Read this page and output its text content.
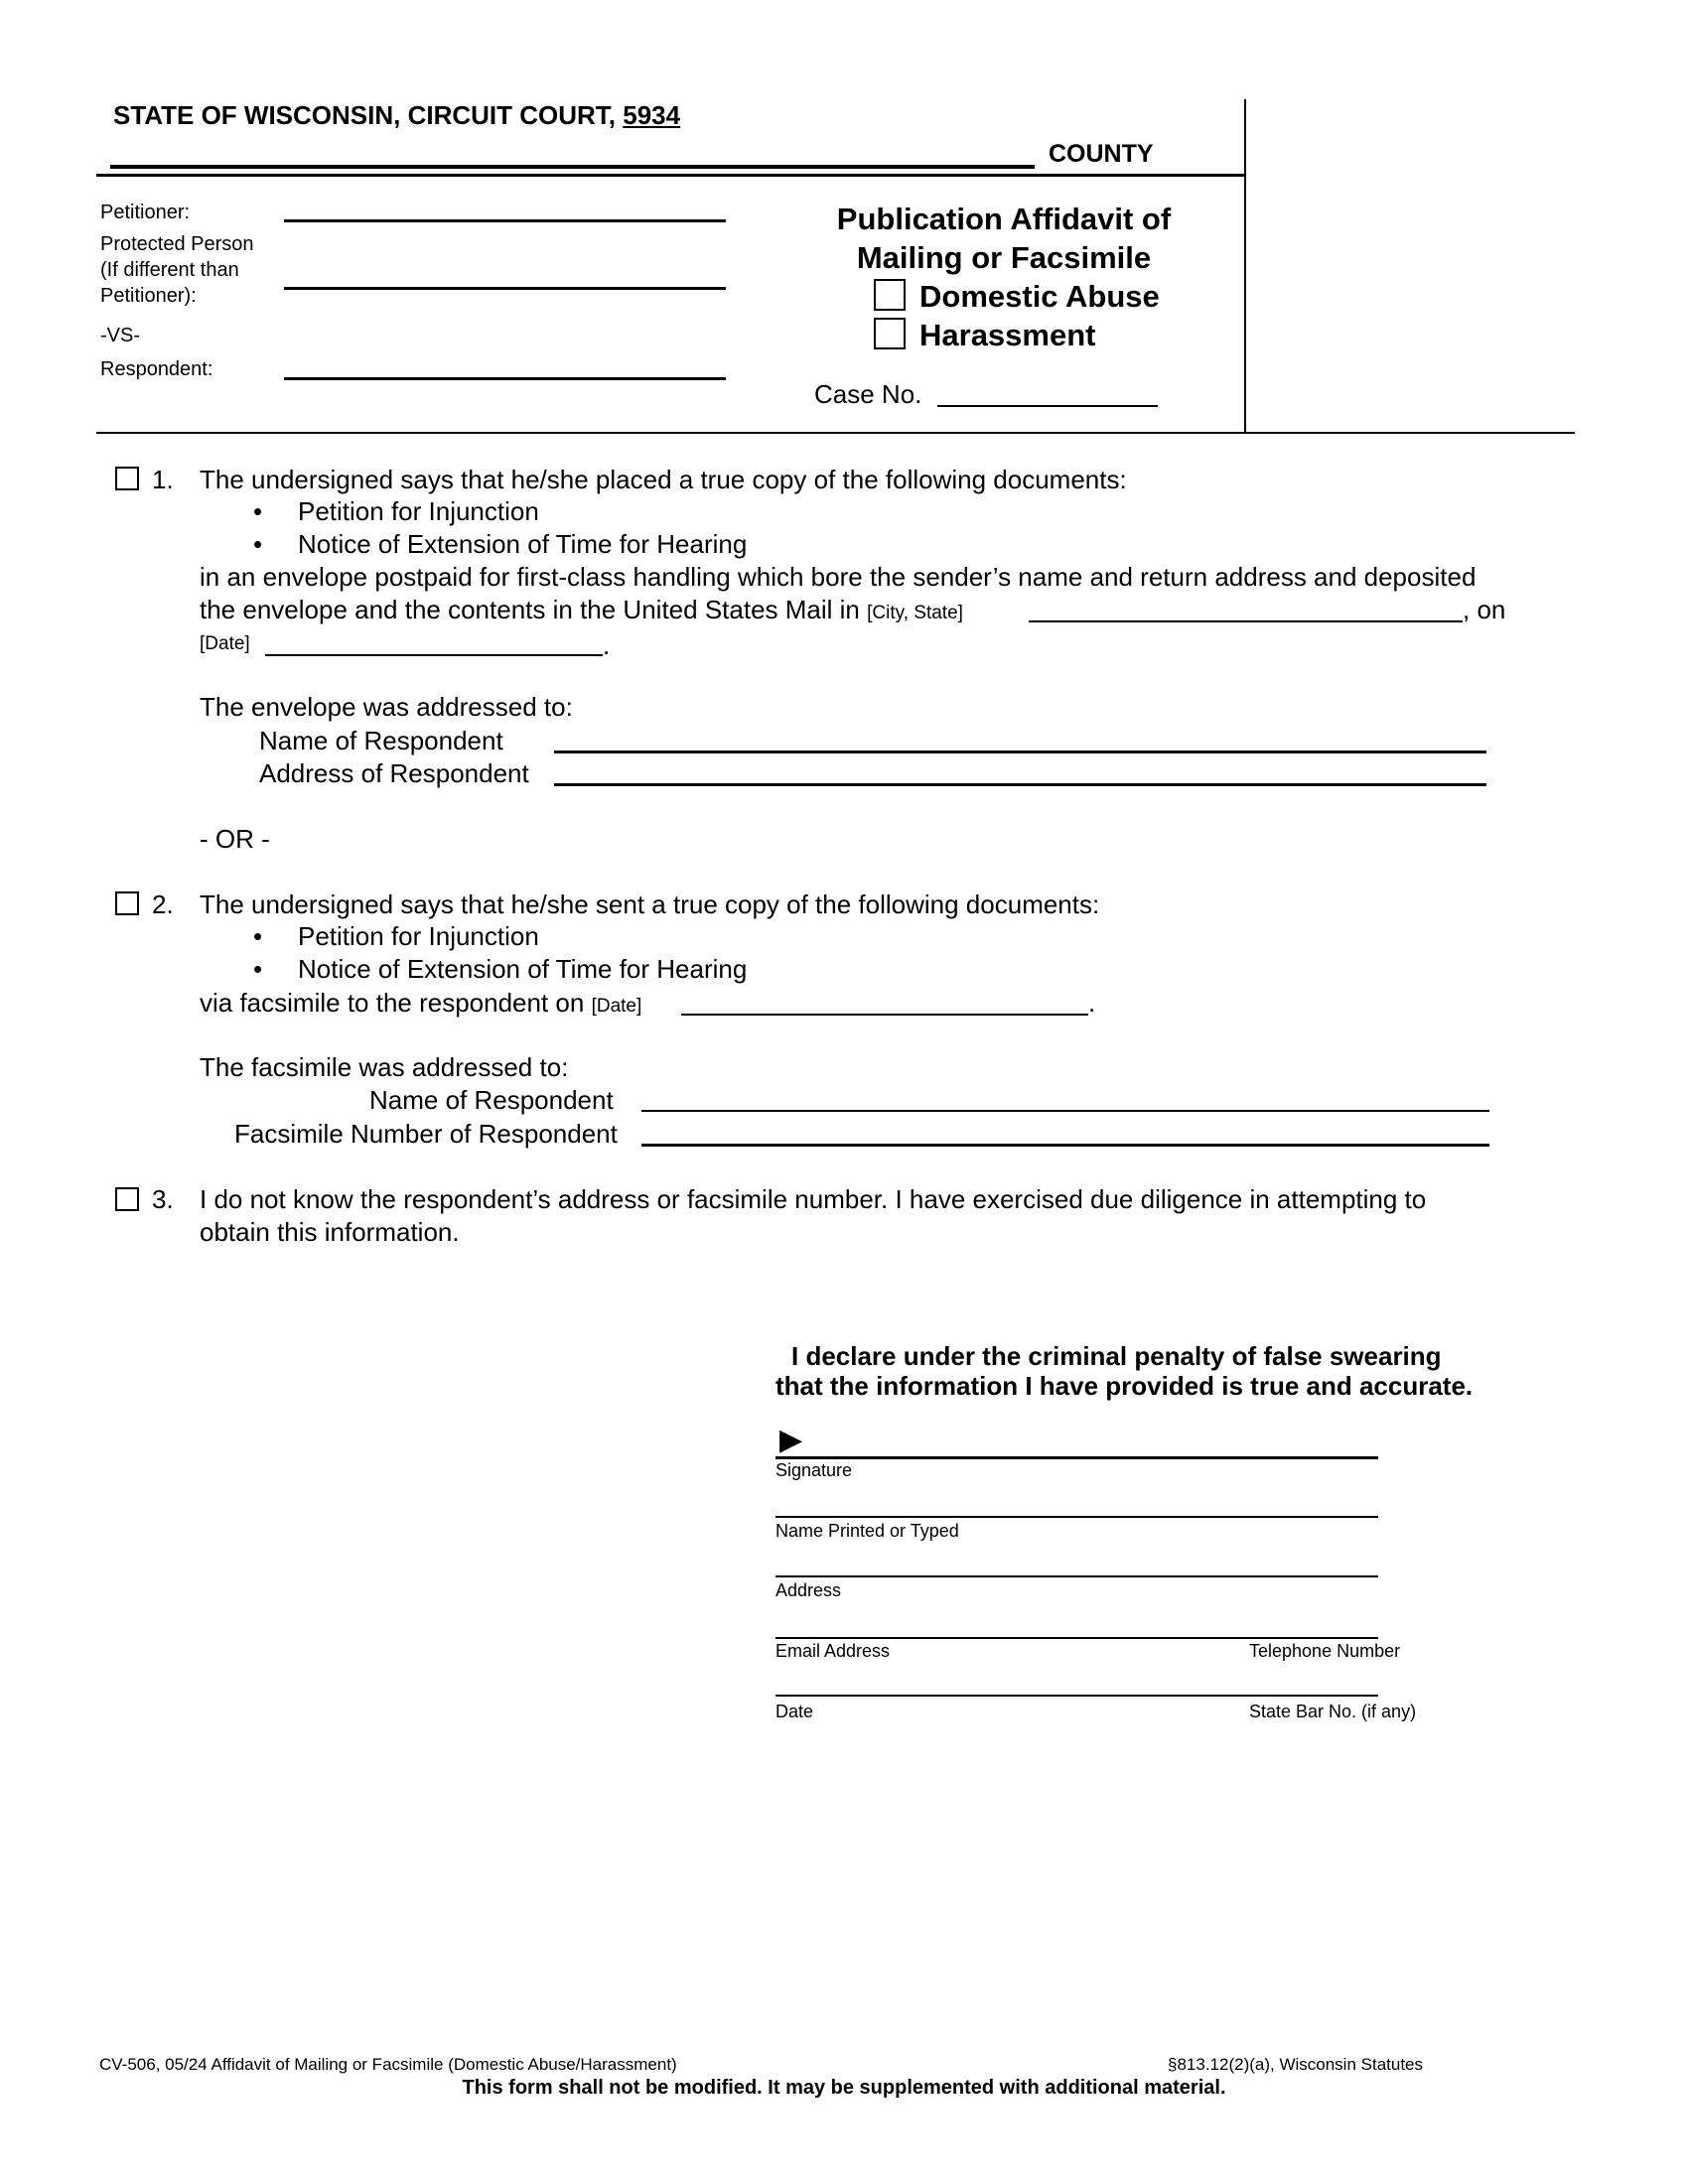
STATE OF WISCONSIN, CIRCUIT COURT, 5934
COUNTY
Petitioner:
Protected Person
(If different than
Petitioner):
-VS-
Respondent:
Publication Affidavit of
Mailing or Facsimile
Domestic Abuse
Harassment
Case No.
1. The undersigned says that he/she placed a true copy of the following documents:
• Petition for Injunction
• Notice of Extension of Time for Hearing
in an envelope postpaid for first-class handling which bore the sender’s name and return address and deposited
the envelope and the contents in the United States Mail in [City, State]	, on
[Date]	.
The envelope was addressed to:
Name of Respondent
Address of Respondent
- OR -
2. The undersigned says that he/she sent a true copy of the following documents:
• Petition for Injunction
• Notice of Extension of Time for Hearing
via facsimile to the respondent on [Date]	.
The facsimile was addressed to:
Name of Respondent
Facsimile Number of Respondent
3. I do not know the respondent’s address or facsimile number. I have exercised due diligence in attempting to
obtain this information.
I declare under the criminal penalty of false swearing
that the information I have provided is true and accurate.
▶
Signature
Name Printed or Typed
Address
Email Address	Telephone Number
Date	State Bar No. (if any)
CV-506, 05/24 Affidavit of Mailing or Facsimile (Domestic Abuse/Harassment)	§813.12(2)(a), Wisconsin Statutes
This form shall not be modified. It may be supplemented with additional material.
